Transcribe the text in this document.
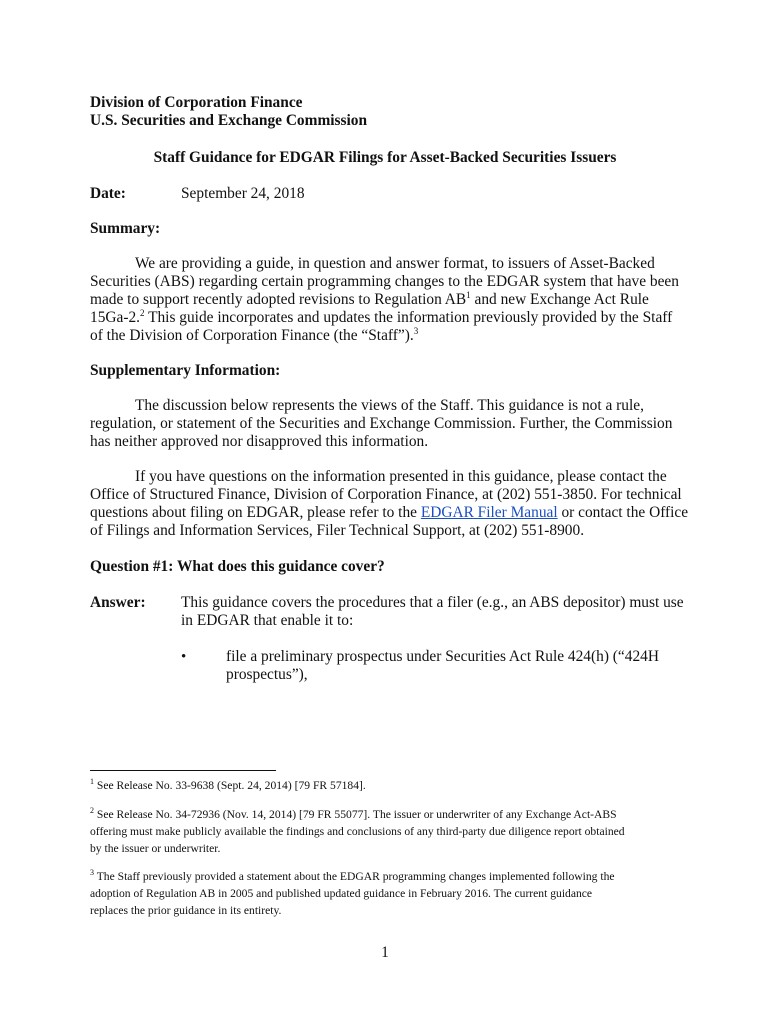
Division of Corporation Finance
U.S. Securities and Exchange Commission
Staff Guidance for EDGAR Filings for Asset-Backed Securities Issuers
Date:	September 24, 2018
Summary:
We are providing a guide, in question and answer format, to issuers of Asset-Backed
Securities (ABS) regarding certain programming changes to the EDGAR system that have been
made to support recently adopted revisions to Regulation $AB^1$ and new Exchange Act Rule
15Ga-2.$^2$ This guide incorporates and updates the information previously provided by the Staff
of the Division of Corporation Finance (the “Staff”).$^3$
Supplementary Information:
The discussion below represents the views of the Staff. This guidance is not a rule,
regulation, or statement of the Securities and Exchange Commission. Further, the Commission
has neither approved nor disapproved this information.
If you have questions on the information presented in this guidance, please contact the
Office of Structured Finance, Division of Corporation Finance, at (202) 551-3850. For technical
questions about filing on EDGAR, please refer to the EDGAR Filer Manual or contact the Office
of Filings and Information Services, Filer Technical Support, at (202) 551-8900.
Question #1: What does this guidance cover?
Answer: This guidance covers the procedures that a filer (e.g., an ABS depositor) must use
in EDGAR that enable it to:
•	file a preliminary prospectus under Securities Act Rule 424(h) (“424H
prospectus”),
$^1$ See Release No. 33-9638 (Sept. 24, 2014) [79 FR 57184].
$^2$ See Release No. 34-72936 (Nov. 14, 2014) [79 FR 55077]. The issuer or underwriter of any Exchange Act-ABS
offering must make publicly available the findings and conclusions of any third-party due diligence report obtained
by the issuer or underwriter.
$^3$ The Staff previously provided a statement about the EDGAR programming changes implemented following the
adoption of Regulation AB in 2005 and published updated guidance in February 2016. The current guidance
replaces the prior guidance in its entirety.
1
